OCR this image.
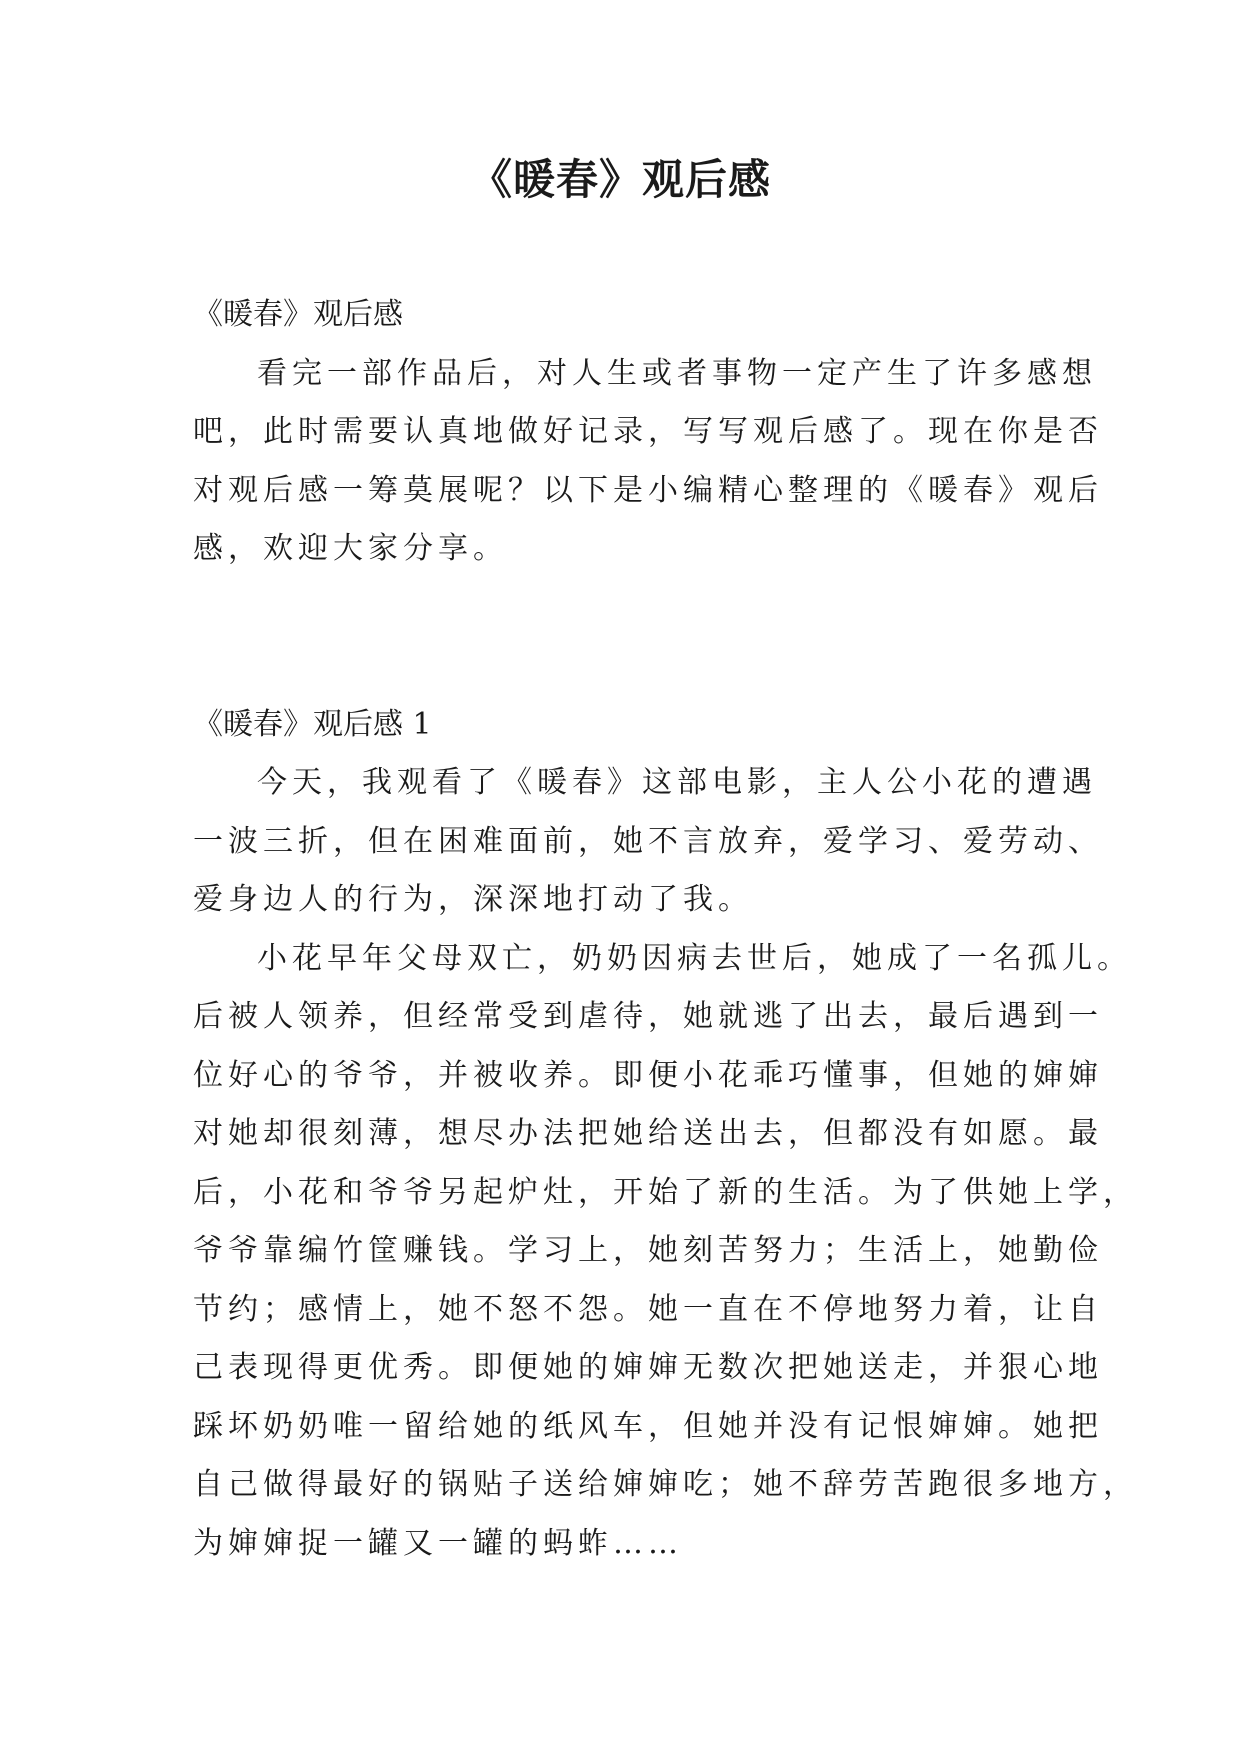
《暖春》观后感
《暖春》观后感
看完一部作品后，对人生或者事物一定产生了许多感想
吧，此时需要认真地做好记录，写写观后感了。现在你是否
对观后感一筹莫展呢？以下是小编精心整理的《暖春》观后
感，欢迎大家分享。
《暖春》观后感 1
今天，我观看了《暖春》这部电影，主人公小花的遭遇
一波三折，但在困难面前，她不言放弃，爱学习、爱劳动、
爱身边人的行为，深深地打动了我。
小花早年父母双亡，奶奶因病去世后，她成了一名孤儿。
后被人领养，但经常受到虐待，她就逃了出去，最后遇到一
位好心的爷爷，并被收养。即便小花乖巧懂事，但她的婶婶
对她却很刻薄，想尽办法把她给送出去，但都没有如愿。最
后，小花和爷爷另起炉灶，开始了新的生活。为了供她上学，
爷爷靠编竹筐赚钱。学习上，她刻苦努力；生活上，她勤俭
节约；感情上，她不怒不怨。她一直在不停地努力着，让自
己表现得更优秀。即便她的婶婶无数次把她送走，并狠心地
踩坏奶奶唯一留给她的纸风车，但她并没有记恨婶婶。她把
自己做得最好的锅贴子送给婶婶吃；她不辞劳苦跑很多地方，
为婶婶捉一罐又一罐的蚂蚱……
